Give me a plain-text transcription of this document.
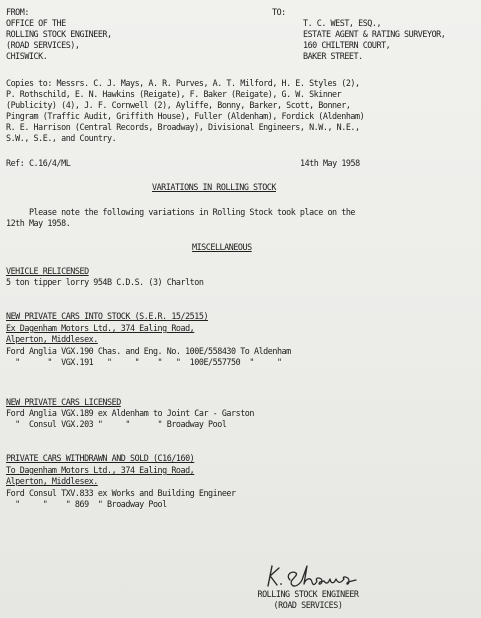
FROM:
OFFICE OF THE
ROLLING STOCK ENGINEER,
(ROAD SERVICES),
CHISWICK.
TO:
T. C. WEST, ESQ.,
ESTATE AGENT & RATING SURVEYOR,
160 CHILTERN COURT,
BAKER STREET.
Copies to: Messrs. C. J. Mays, A. R. Purves, A. T. Milford, H. E. Styles (2),
P. Rothschild, E. N. Hawkins (Reigate), F. Baker (Reigate), G. W. Skinner
(Publicity) (4), J. F. Cornwell (2), Ayliffe, Bonny, Barker, Scott, Bonner,
Pingram (Traffic Audit, Griffith House), Fuller (Aldenham), Fordick (Aldenham)
R. E. Harrison (Central Records, Broadway), Divisional Engineers, N.W., N.E.,
S.W., S.E., and Country.
Ref: C.16/4/ML	14th May 1958
VARIATIONS IN ROLLING STOCK
Please note the following variations in Rolling Stock took place on the
12th May 1958.
MISCELLANEOUS
VEHICLE RELICENSED
5 ton tipper lorry 954B C.D.S. (3) Charlton
NEW PRIVATE CARS INTO STOCK (S.E.R. 15/2515)
Ex Dagenham Motors Ltd., 374 Ealing Road,
Alperton, Middlesex.
Ford Anglia VGX.190 Chas. and Eng. No. 100E/558430 To Aldenham
"      "  VGX.191   "     "    "   "  100E/557750  "     "
NEW PRIVATE CARS LICENSED
Ford Anglia VGX.189 ex Aldenham to Joint Car - Garston
"  Consul VGX.203 "     "      " Broadway Pool
PRIVATE CARS WITHDRAWN AND SOLD (C16/160)
To Dagenham Motors Ltd., 374 Ealing Road,
Alperton, Middlesex.
Ford Consul TXV.833 ex Works and Building Engineer
"     "    " 869  " Broadway Pool
ROLLING STOCK ENGINEER
(ROAD SERVICES)
